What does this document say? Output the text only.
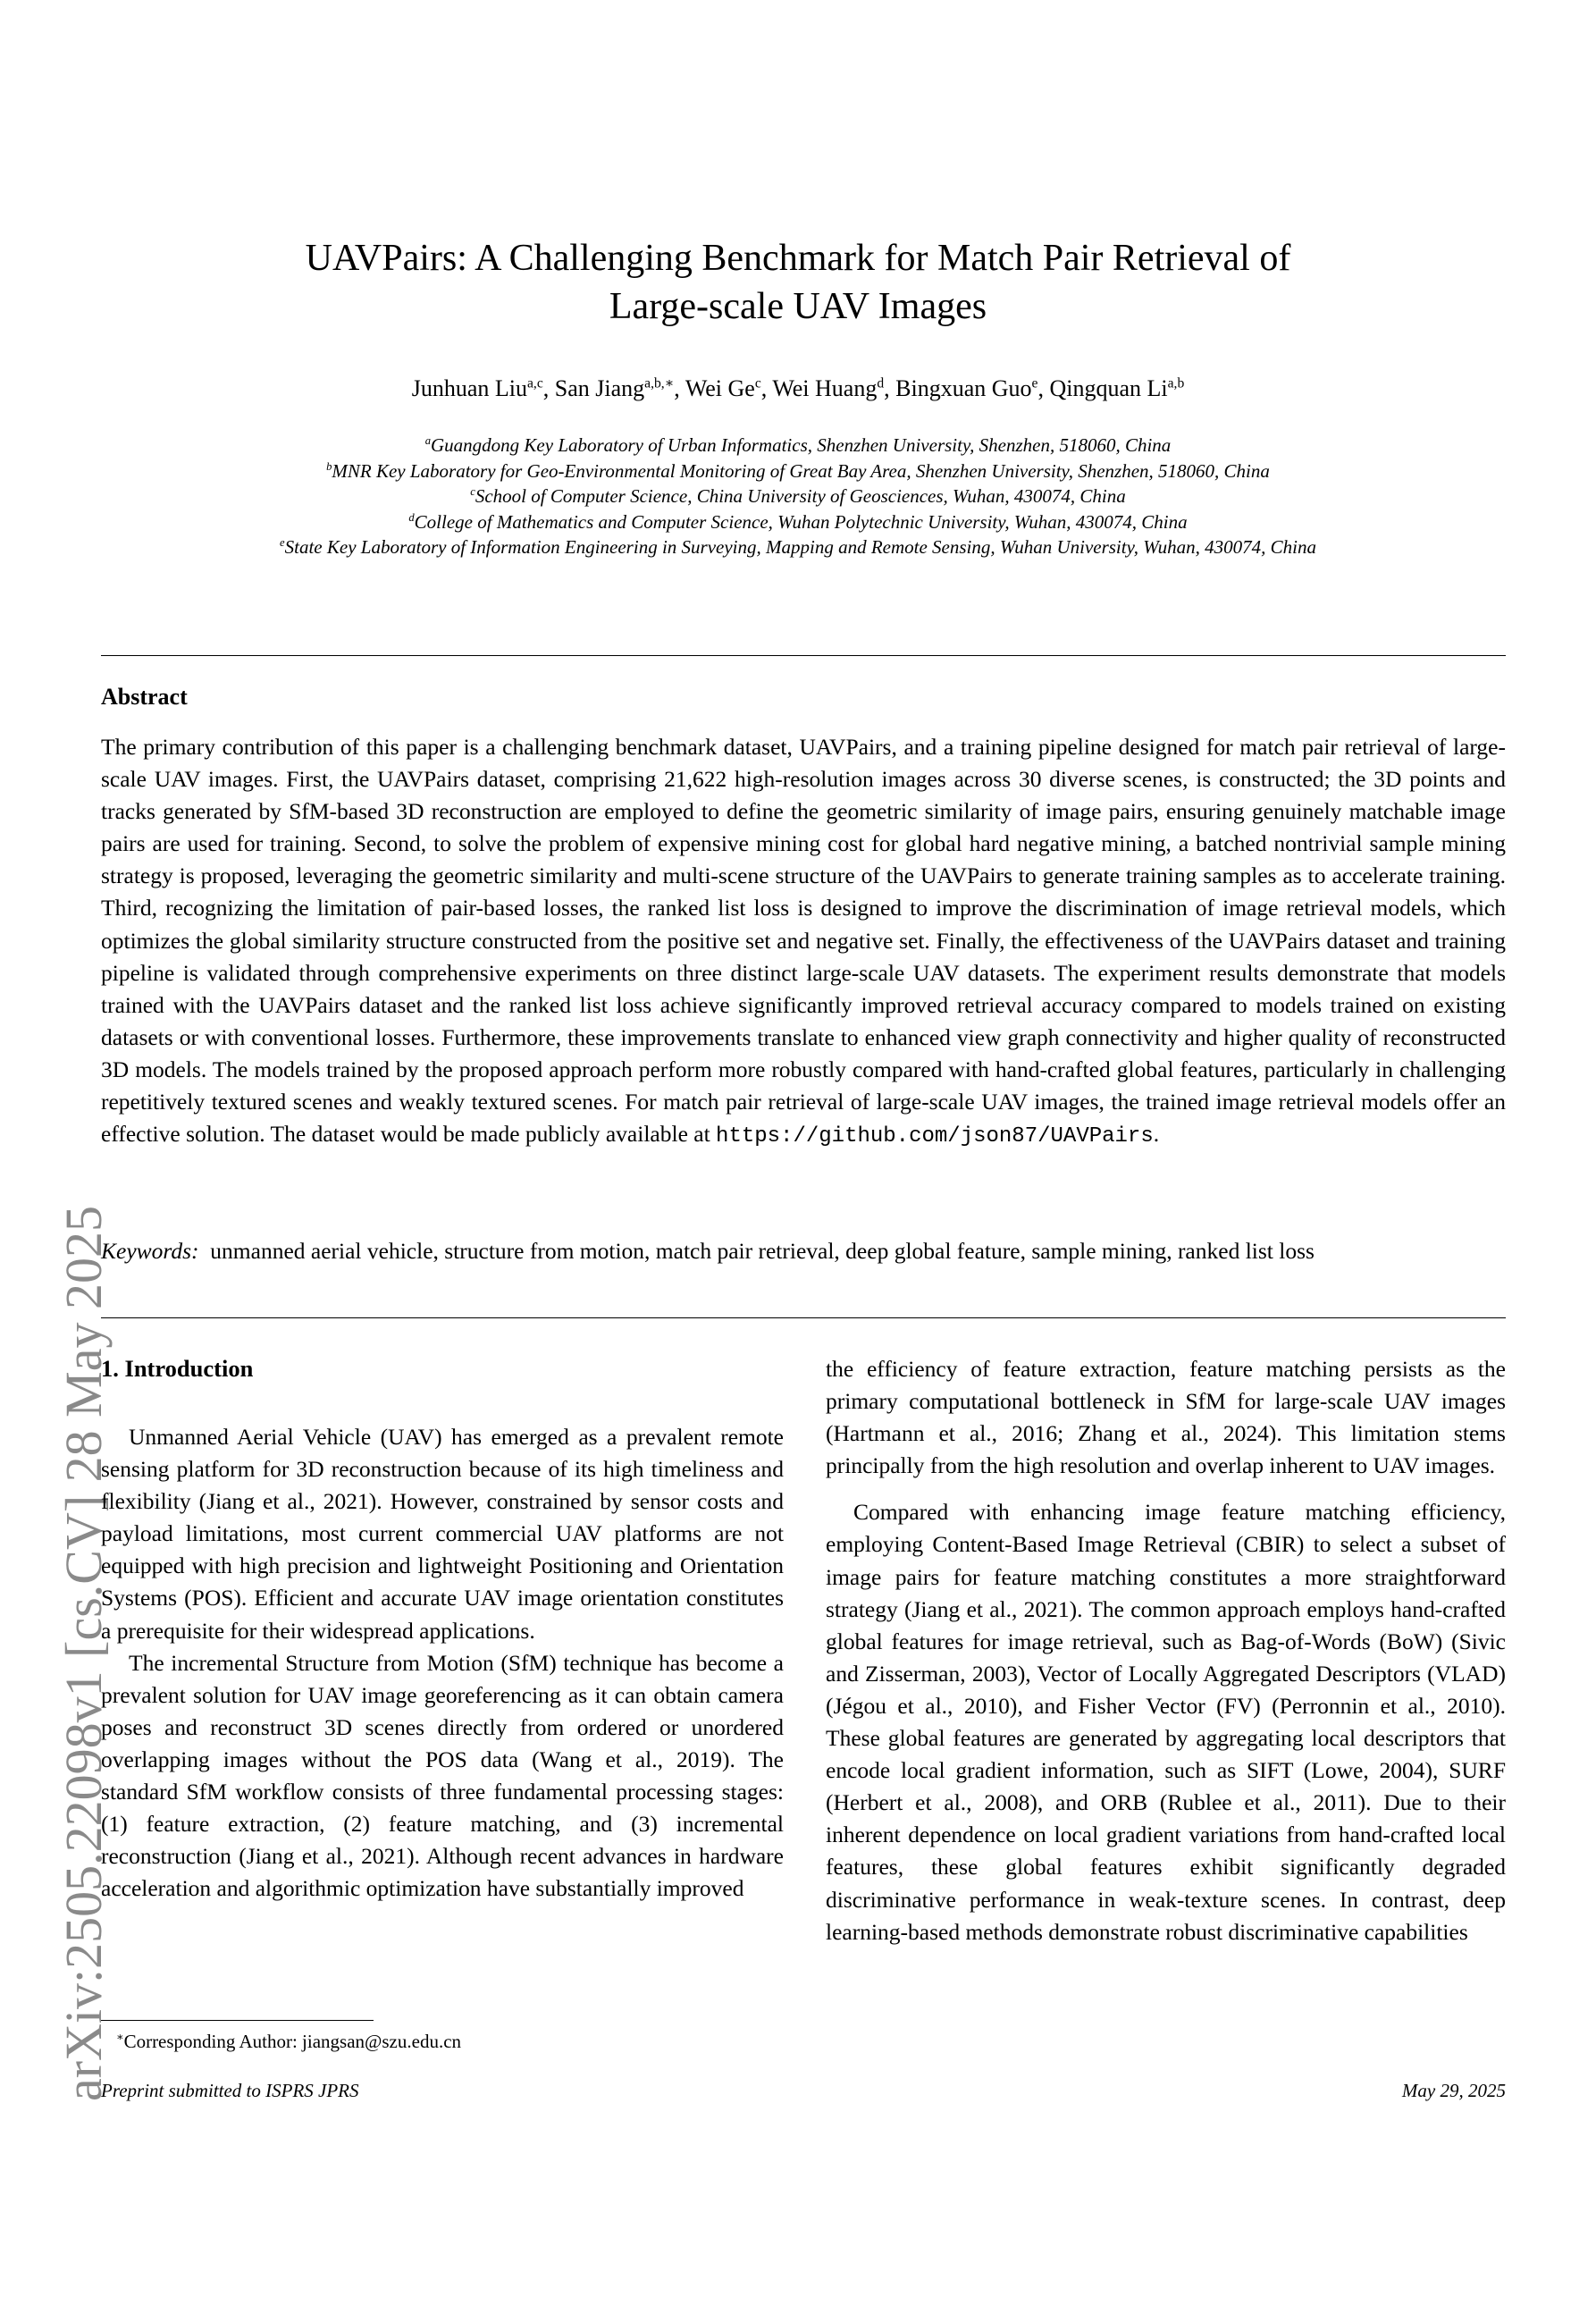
arXiv:2505.22098v1 [cs.CV] 28 May 2025
UAVPairs: A Challenging Benchmark for Match Pair Retrieval of
Large-scale UAV Images
Junhuan Liu$^{a,c}$, San Jiang$^{a,b,∗}$, Wei Ge$^c$, Wei Huang$^d$, Bingxuan Guo$^e$, Qingquan Li$^{a,b}$
$^a$Guangdong Key Laboratory of Urban Informatics, Shenzhen University, Shenzhen, 518060, China
$^b$MNR Key Laboratory for Geo-Environmental Monitoring of Great Bay Area, Shenzhen University, Shenzhen, 518060, China
$^c$School of Computer Science, China University of Geosciences, Wuhan, 430074, China
$^d$College of Mathematics and Computer Science, Wuhan Polytechnic University, Wuhan, 430074, China
$^e$State Key Laboratory of Information Engineering in Surveying, Mapping and Remote Sensing, Wuhan University, Wuhan, 430074, China
Abstract
The primary contribution of this paper is a challenging benchmark dataset, UAVPairs, and a training pipeline designed for match pair retrieval of large-scale UAV images. First, the UAVPairs dataset, comprising 21,622 high-resolution images across 30 diverse scenes, is constructed; the 3D points and tracks generated by SfM-based 3D reconstruction are employed to define the geometric similarity of image pairs, ensuring genuinely matchable image pairs are used for training. Second, to solve the problem of expensive mining cost for global hard negative mining, a batched nontrivial sample mining strategy is proposed, leveraging the geometric similarity and multi-scene structure of the UAVPairs to generate training samples as to accelerate training. Third, recognizing the limitation of pair-based losses, the ranked list loss is designed to improve the discrimination of image retrieval models, which optimizes the global similarity structure constructed from the positive set and negative set. Finally, the effectiveness of the UAVPairs dataset and training pipeline is validated through comprehensive experiments on three distinct large-scale UAV datasets. The experiment results demonstrate that models trained with the UAVPairs dataset and the ranked list loss achieve significantly improved retrieval accuracy compared to models trained on existing datasets or with conventional losses. Furthermore, these improvements translate to enhanced view graph connectivity and higher quality of reconstructed 3D models. The models trained by the proposed approach perform more robustly compared with hand-crafted global features, particularly in challenging repetitively textured scenes and weakly textured scenes. For match pair retrieval of large-scale UAV images, the trained image retrieval models offer an effective solution. The dataset would be made publicly available at https://github.com/json87/UAVPairs.
Keywords: unmanned aerial vehicle, structure from motion, match pair retrieval, deep global feature, sample mining, ranked list loss
1. Introduction

Unmanned Aerial Vehicle (UAV) has emerged as a prevalent remote sensing platform for 3D reconstruction because of its high timeliness and flexibility (Jiang et al., 2021). However, constrained by sensor costs and payload limitations, most current commercial UAV platforms are not equipped with high precision and lightweight Positioning and Orientation Systems (POS). Efficient and accurate UAV image orientation constitutes a prerequisite for their widespread applications.

The incremental Structure from Motion (SfM) technique has become a prevalent solution for UAV image georeferencing as it can obtain camera poses and reconstruct 3D scenes directly from ordered or unordered overlapping images without the POS data (Wang et al., 2019). The standard SfM workflow consists of three fundamental processing stages: (1) feature extraction, (2) feature matching, and (3) incremental reconstruction (Jiang et al., 2021). Although recent advances in hardware acceleration and algorithmic optimization have substantially improved

the efficiency of feature extraction, feature matching persists as the primary computational bottleneck in SfM for large-scale UAV images (Hartmann et al., 2016; Zhang et al., 2024). This limitation stems principally from the high resolution and overlap inherent to UAV images.

Compared with enhancing image feature matching efficiency, employing Content-Based Image Retrieval (CBIR) to select a subset of image pairs for feature matching constitutes a more straightforward strategy (Jiang et al., 2021). The common approach employs hand-crafted global features for image retrieval, such as Bag-of-Words (BoW) (Sivic and Zisserman, 2003), Vector of Locally Aggregated Descriptors (VLAD) (Jégou et al., 2010), and Fisher Vector (FV) (Perronnin et al., 2010). These global features are generated by aggregating local descriptors that encode local gradient information, such as SIFT (Lowe, 2004), SURF (Herbert et al., 2008), and ORB (Rublee et al., 2011). Due to their inherent dependence on local gradient variations from hand-crafted local features, these global features exhibit significantly degraded discriminative performance in weak-texture scenes. In contrast, deep learning-based methods demonstrate robust discriminative capabilities

∗Corresponding Author: jiangsan@szu.edu.cn
Preprint submitted to ISPRS JPRS	May 29, 2025
